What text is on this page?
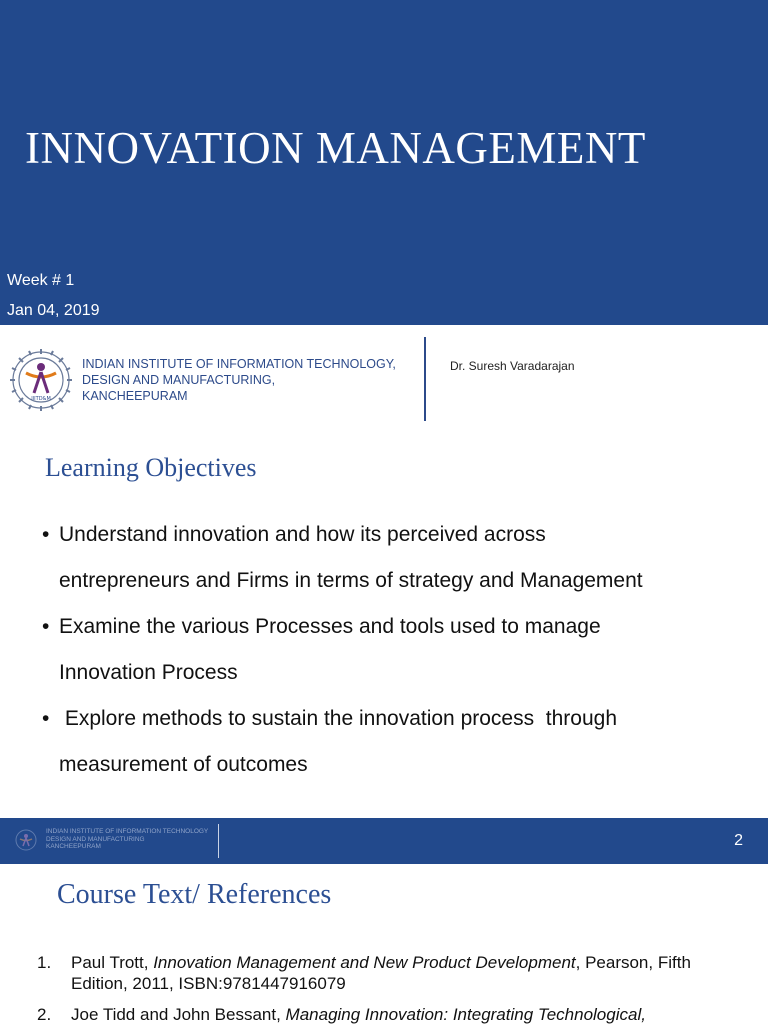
INNOVATION MANAGEMENT
Week # 1
Jan 04, 2019
IIITD&M
INDIAN INSTITUTE OF INFORMATION TECHNOLOGY,
DESIGN AND MANUFACTURING,
KANCHEEPURAM
Dr. Suresh Varadarajan
Learning Objectives
• Understand innovation and how its perceived across
entrepreneurs and Firms in terms of strategy and Management
• Examine the various Processes and tools used to manage
Innovation Process
• Explore methods to sustain the innovation process  through
measurement of outcomes
INDIAN INSTITUTE OF INFORMATION TECHNOLOGY
DESIGN AND MANUFACTURING
KANCHEEPURAM	2
Course Text/ References
1. Paul Trott, Innovation Management and New Product Development, Pearson, Fifth Edition, 2011, ISBN:9781447916079
2. Joe Tidd and John Bessant, Managing Innovation: Integrating Technological,
